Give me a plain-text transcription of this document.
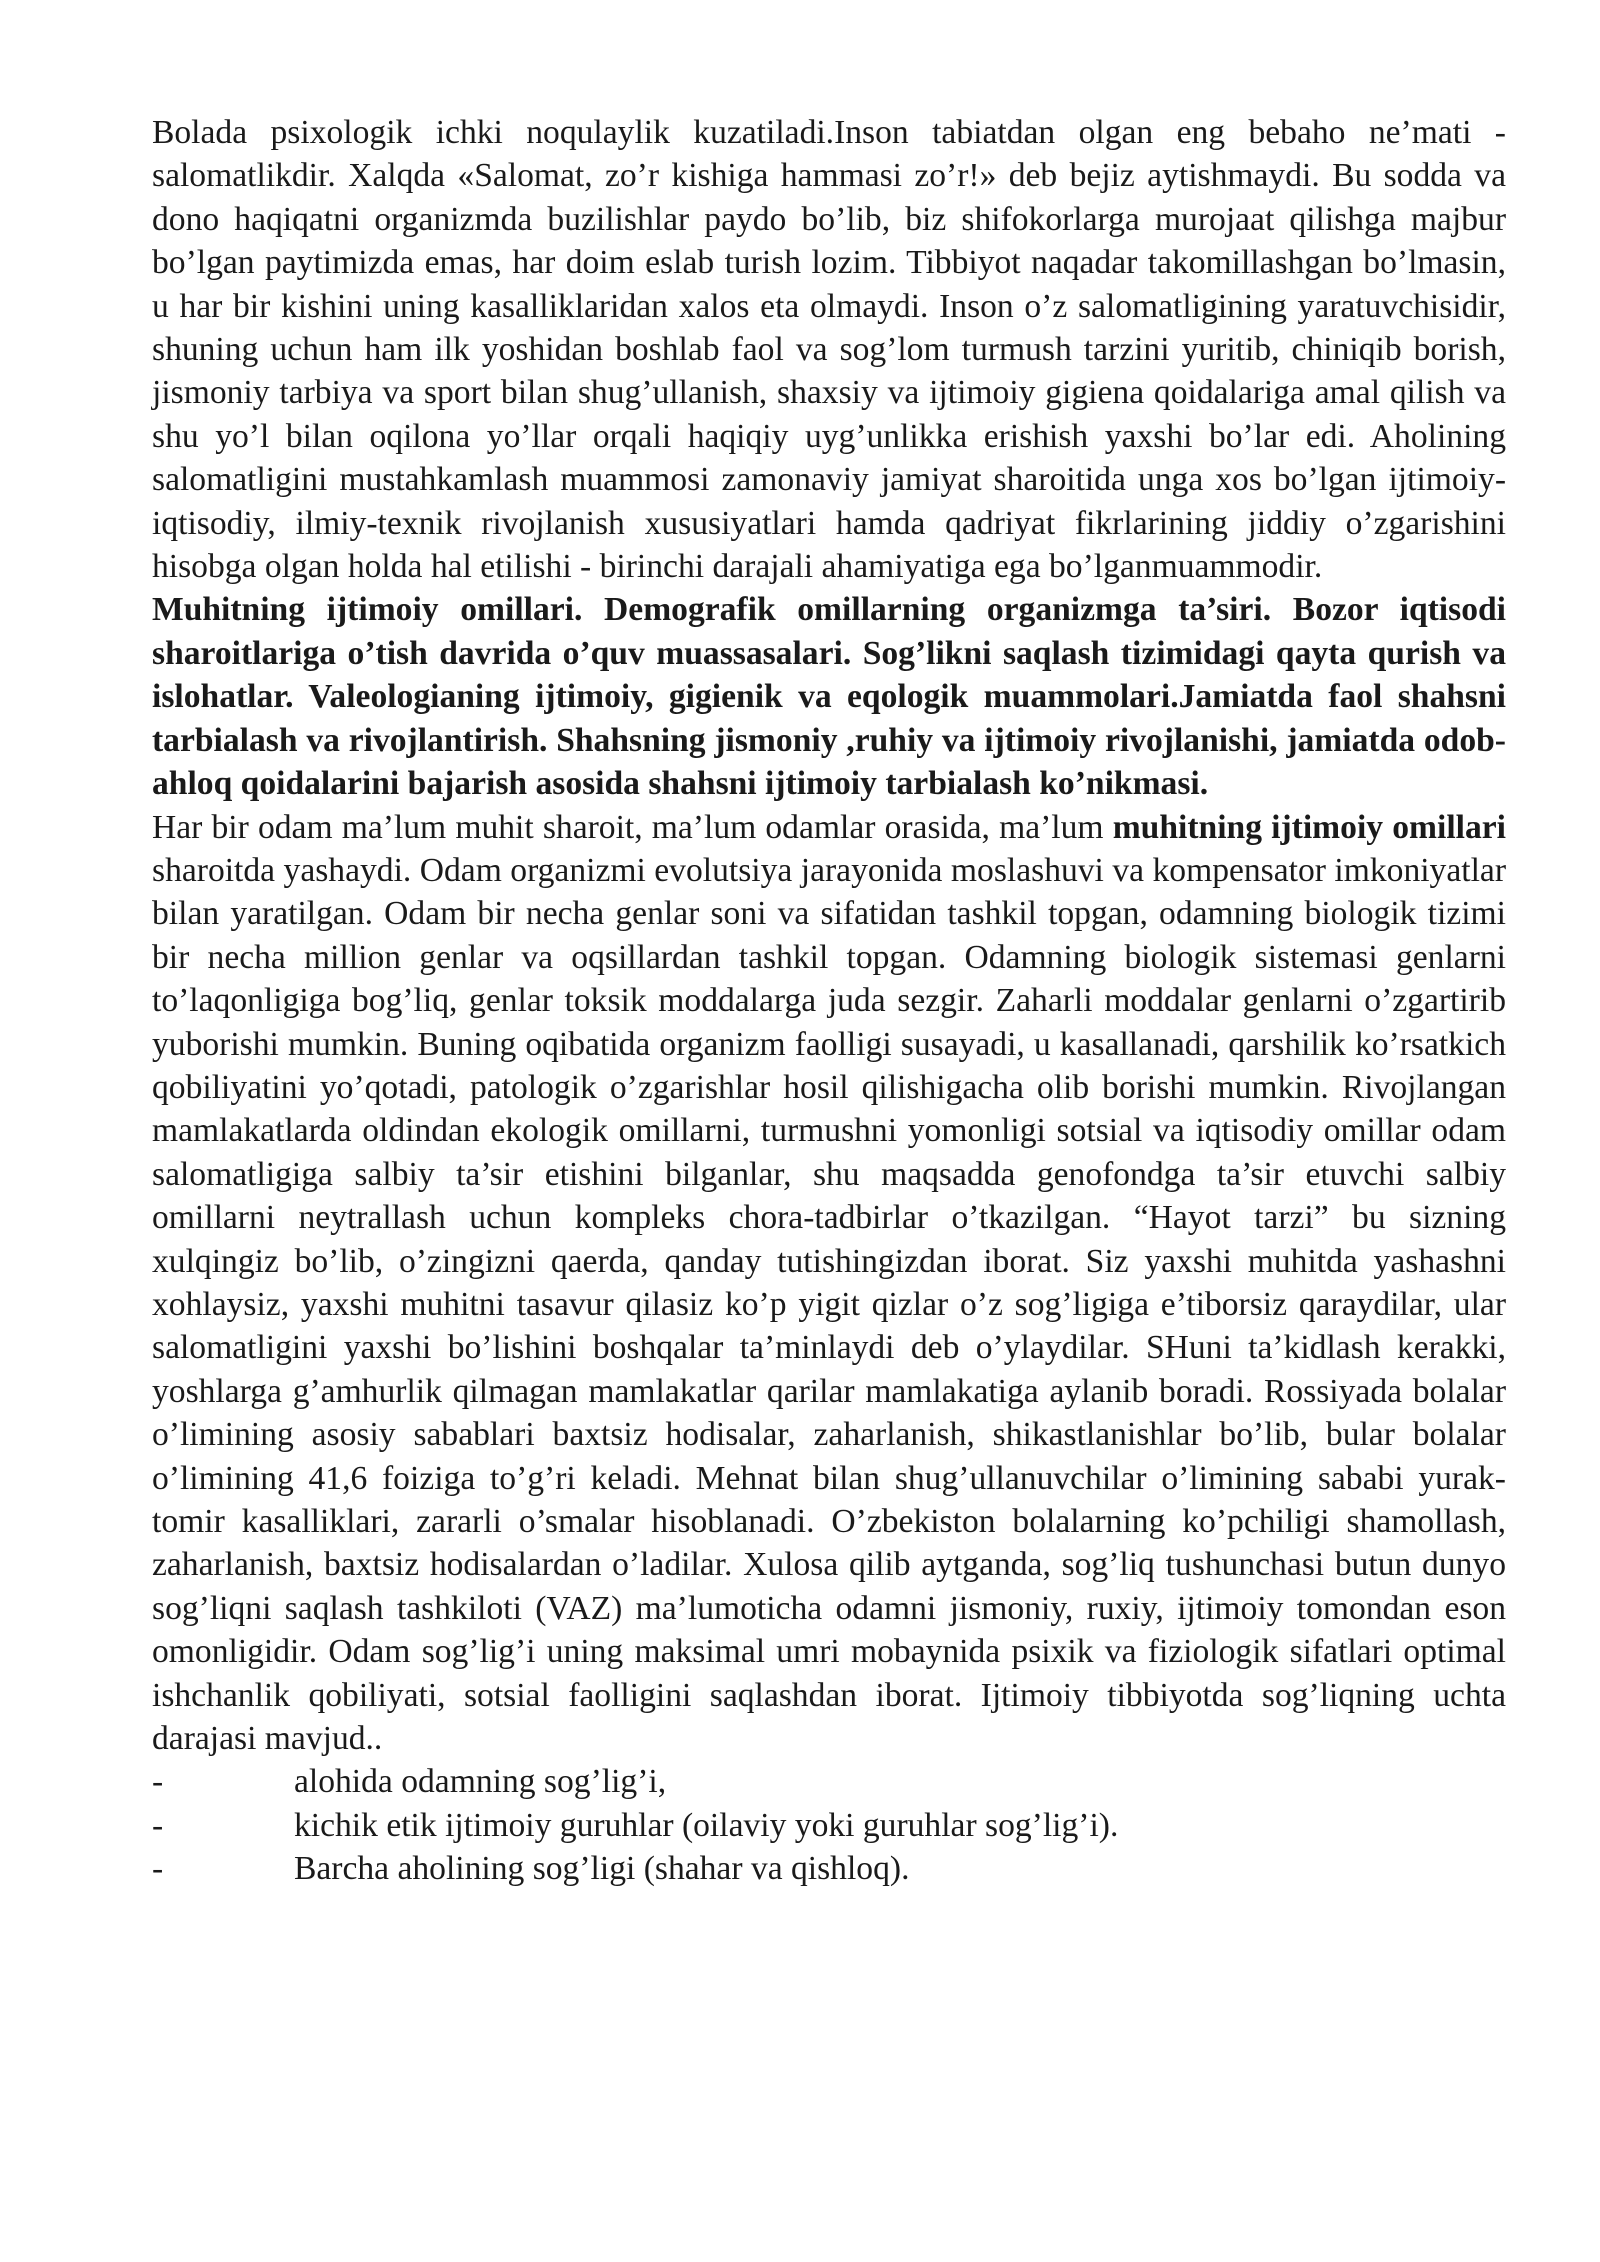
Bolada psixologik ichki noqulaylik kuzatiladi.Inson tabiatdan olgan eng bebaho ne’mati - salomatlikdir. Xalqda «Salomat, zo’r kishiga hammasi zo’r!» deb bejiz aytishmaydi. Bu sodda va dono haqiqatni organizmda buzilishlar paydo bo’lib, biz shifokorlarga murojaat qilishga majbur bo’lgan paytimizda emas, har doim eslab turish lozim. Tibbiyot naqadar takomillashgan bo’lmasin, u har bir kishini uning kasalliklaridan xalos eta olmaydi. Inson o’z salomatligining yaratuvchisidir, shuning uchun ham ilk yoshidan boshlab faol va sog’lom turmush tarzini yuritib, chiniqib borish, jismoniy tarbiya va sport bilan shug’ullanish, shaxsiy va ijtimoiy gigiena qoidalariga amal qilish va shu yo’l bilan oqilona yo’llar orqali haqiqiy uyg’unlikka erishish yaxshi bo’lar edi. Aholining salomatligini mustahkamlash muammosi zamonaviy jamiyat sharoitida unga xos bo’lgan ijtimoiy-iqtisodiy, ilmiy-texnik rivojlanish xususiyatlari hamda qadriyat fikrlarining jiddiy o’zgarishini hisobga olgan holda hal etilishi - birinchi darajali ahamiyatiga ega bo’lganmuammodir.

Muhitning ijtimoiy omillari. Demografik omillarning organizmga ta’siri. Bozor iqtisodi sharoitlariga o’tish davrida o’quv muassasalari. Sog’likni saqlash tizimidagi qayta qurish va islohatlar. Valeologianing ijtimoiy, gigienik va eqologik muammolari.Jamiatda faol shahsni tarbialash va rivojlantirish. Shahsning jismoniy ,ruhiy va ijtimoiy rivojlanishi, jamiatda odob- ahloq qoidalarini bajarish asosida shahsni ijtimoiy tarbialash ko’nikmasi.

Har bir odam ma’lum muhit sharoit, ma’lum odamlar orasida, ma’lum muhitning ijtimoiy omillari sharoitda yashaydi. Odam organizmi evolutsiya jarayonida moslashuvi va kompensator imkoniyatlar bilan yaratilgan. Odam bir necha genlar soni va sifatidan tashkil topgan, odamning biologik tizimi bir necha million genlar va oqsillardan tashkil topgan. Odamning biologik sistemasi genlarni to’laqonligiga bog’liq, genlar toksik moddalarga juda sezgir. Zaharli moddalar genlarni o’zgartirib yuborishi mumkin. Buning oqibatida organizm faolligi susayadi, u kasallanadi, qarshilik ko’rsatkich qobiliyatini yo’qotadi, patologik o’zgarishlar hosil qilishigacha olib borishi mumkin. Rivojlangan mamlakatlarda oldindan ekologik omillarni, turmushni yomonligi sotsial va iqtisodiy omillar odam salomatligiga salbiy ta’sir etishini bilganlar, shu maqsadda genofondga ta’sir etuvchi salbiy omillarni neytrallash uchun kompleks chora-tadbirlar o’tkazilgan. “Hayot tarzi” bu sizning xulqingiz bo’lib, o’zingizni qaerda, qanday tutishingizdan iborat. Siz yaxshi muhitda yashashni xohlaysiz, yaxshi muhitni tasavur qilasiz ko’p yigit qizlar o’z sog’ligiga e’tiborsiz qaraydilar, ular salomatligini yaxshi bo’lishini boshqalar ta’minlaydi deb o’ylaydilar. SHuni ta’kidlash kerakki, yoshlarga g’amhurlik qilmagan mamlakatlar qarilar mamlakatiga aylanib boradi. Rossiyada bolalar o’limining asosiy sabablari baxtsiz hodisalar, zaharlanish, shikastlanishlar bo’lib, bular bolalar o’limining 41,6 foiziga to’g’ri keladi. Mehnat bilan shug’ullanuvchilar o’limining sababi yurak-tomir kasalliklari, zararli o’smalar hisoblanadi. O’zbekiston bolalarning ko’pchiligi shamollash, zaharlanish, baxtsiz hodisalardan o’ladilar. Xulosa qilib aytganda, sog’liq tushunchasi butun dunyo sog’liqni saqlash tashkiloti (VAZ) ma’lumoticha odamni jismoniy, ruxiy, ijtimoiy tomondan eson omonligidir. Odam sog’lig’i uning maksimal umri mobaynida psixik va fiziologik sifatlari optimal ishchanlik qobiliyati, sotsial faolligini saqlashdan iborat. Ijtimoiy tibbiyotda sog’liqning uchta darajasi mavjud..

-	alohida odamning sog’lig’i,
-	kichik etik ijtimoiy guruhlar (oilaviy yoki guruhlar sog’lig’i).
-	Barcha aholining sog’ligi (shahar va qishloq).
